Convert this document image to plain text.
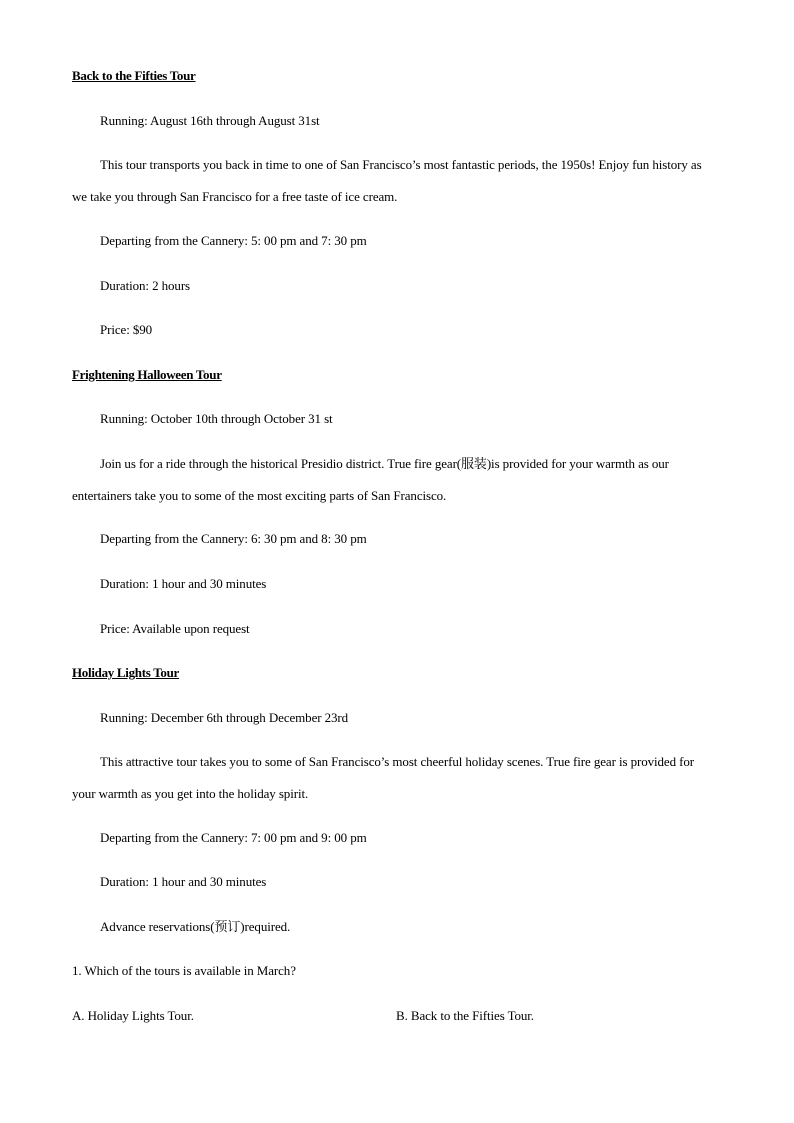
Back to the Fifties Tour
Running: August 16th through August 31st
This tour transports you back in time to one of San Francisco’s most fantastic periods, the 1950s! Enjoy fun history as we take you through San Francisco for a free taste of ice cream.
Departing from the Cannery: 5: 00 pm and 7: 30 pm
Duration: 2 hours
Price: $90
Frightening Halloween Tour
Running: October 10th through October 31 st
Join us for a ride through the historical Presidio district. True fire gear(服装)is provided for your warmth as our entertainers take you to some of the most exciting parts of San Francisco.
Departing from the Cannery: 6: 30 pm and 8: 30 pm
Duration: 1 hour and 30 minutes
Price: Available upon request
Holiday Lights Tour
Running: December 6th through December 23rd
This attractive tour takes you to some of San Francisco’s most cheerful holiday scenes. True fire gear is provided for your warmth as you get into the holiday spirit.
Departing from the Cannery: 7: 00 pm and 9: 00 pm
Duration: 1 hour and 30 minutes
Advance reservations(预订)required.
1. Which of the tours is available in March?
A. Holiday Lights Tour.	B. Back to the Fifties Tour.
